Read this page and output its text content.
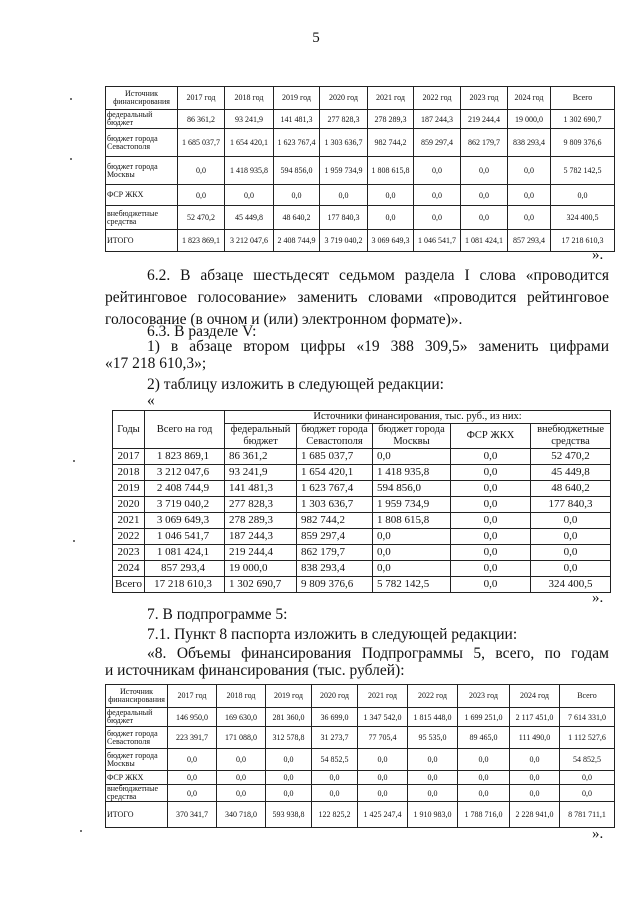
5
Источник финансирования	2017 год	2018 год	2019 год	2020 год	2021 год	2022 год	2023 год	2024 год	Всего
федеральный бюджет	86 361,2	93 241,9	141 481,3	277 828,3	278 289,3	187 244,3	219 244,4	19 000,0	1 302 690,7
бюджет города Севастополя	1 685 037,7	1 654 420,1	1 623 767,4	1 303 636,7	982 744,2	859 297,4	862 179,7	838 293,4	9 809 376,6
бюджет города Москвы	0,0	1 418 935,8	594 856,0	1 959 734,9	1 808 615,8	0,0	0,0	0,0	5 782 142,5
ФСР ЖКХ	0,0	0,0	0,0	0,0	0,0	0,0	0,0	0,0	0,0
внебюджетные средства	52 470,2	45 449,8	48 640,2	177 840,3	0,0	0,0	0,0	0,0	324 400,5
ИТОГО	1 823 869,1	3 212 047,6	2 408 744,9	3 719 040,2	3 069 649,3	1 046 541,7	1 081 424,1	857 293,4	17 218 610,3
».
6.2. В абзаце шестьдесят седьмом раздела I слова «проводится
рейтинговое голосование» заменить словами «проводится рейтинговое
голосование (в очном и (или) электронном формате)».
6.3. В разделе V:
1) в абзаце втором цифры «19 388 309,5» заменить цифрами
«17 218 610,3»;
2) таблицу изложить в следующей редакции:
«
Годы	Всего на год	Источники финансирования, тыс. руб., из них:				
		федеральный бюджет	бюджет города Севастополя	бюджет города Москвы	ФСР ЖКХ	внебюджетные средства
2017	1 823 869,1	86 361,2	1 685 037,7	0,0	0,0	52 470,2
2018	3 212 047,6	93 241,9	1 654 420,1	1 418 935,8	0,0	45 449,8
2019	2 408 744,9	141 481,3	1 623 767,4	594 856,0	0,0	48 640,2
2020	3 719 040,2	277 828,3	1 303 636,7	1 959 734,9	0,0	177 840,3
2021	3 069 649,3	278 289,3	982 744,2	1 808 615,8	0,0	0,0
2022	1 046 541,7	187 244,3	859 297,4	0,0	0,0	0,0
2023	1 081 424,1	219 244,4	862 179,7	0,0	0,0	0,0
2024	857 293,4	19 000,0	838 293,4	0,0	0,0	0,0
Всего	17 218 610,3	1 302 690,7	9 809 376,6	5 782 142,5	0,0	324 400,5
».
7. В подпрограмме 5:
7.1. Пункт 8 паспорта изложить в следующей редакции:
«8. Объемы финансирования Подпрограммы 5, всего, по годам
и источникам финансирования (тыс. рублей):
Источник финансирования	2017 год	2018 год	2019 год	2020 год	2021 год	2022 год	2023 год	2024 год	Всего
федеральный бюджет	146 950,0	169 630,0	281 360,0	36 699,0	1 347 542,0	1 815 448,0	1 699 251,0	2 117 451,0	7 614 331,0
бюджет города Севастополя	223 391,7	171 088,0	312 578,8	31 273,7	77 705,4	95 535,0	89 465,0	111 490,0	1 112 527,6
бюджет города Москвы	0,0	0,0	0,0	54 852,5	0,0	0,0	0,0	0,0	54 852,5
ФСР ЖКХ	0,0	0,0	0,0	0,0	0,0	0,0	0,0	0,0	0,0
внебюджетные средства	0,0	0,0	0,0	0,0	0,0	0,0	0,0	0,0	0,0
ИТОГО	370 341,7	340 718,0	593 938,8	122 825,2	1 425 247,4	1 910 983,0	1 788 716,0	2 228 941,0	8 781 711,1
».
